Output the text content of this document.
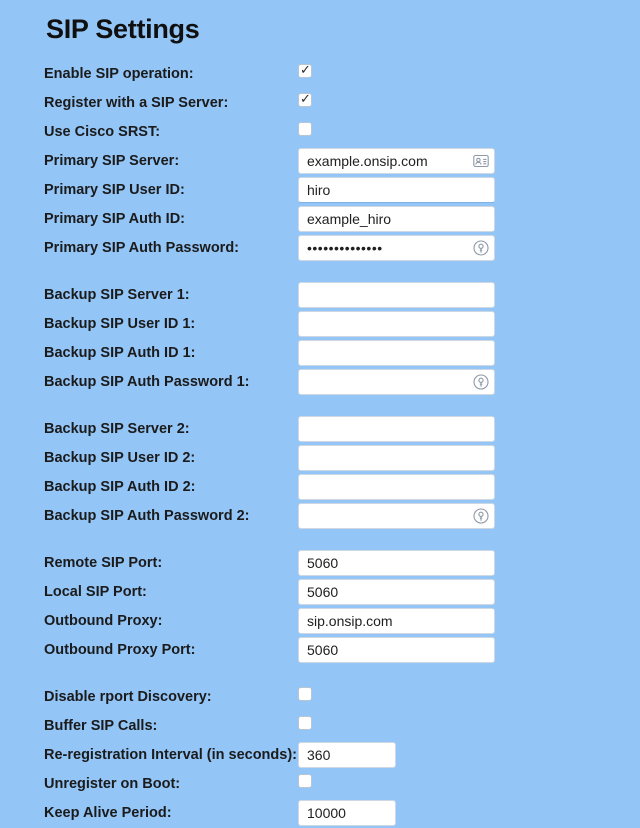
SIP Settings
Enable SIP operation:
✓
Register with a SIP Server:
✓
Use Cisco SRST:
Primary SIP Server:
example.onsip.com
Primary SIP User ID:
hiro
Primary SIP Auth ID:
example_hiro
Primary SIP Auth Password:
••••••••••••••
Backup SIP Server 1:
Backup SIP User ID 1:
Backup SIP Auth ID 1:
Backup SIP Auth Password 1:
Backup SIP Server 2:
Backup SIP User ID 2:
Backup SIP Auth ID 2:
Backup SIP Auth Password 2:
Remote SIP Port:
5060
Local SIP Port:
5060
Outbound Proxy:
sip.onsip.com
Outbound Proxy Port:
5060
Disable rport Discovery:
Buffer SIP Calls:
Re-registration Interval (in seconds):
360
Unregister on Boot:
Keep Alive Period:
10000
